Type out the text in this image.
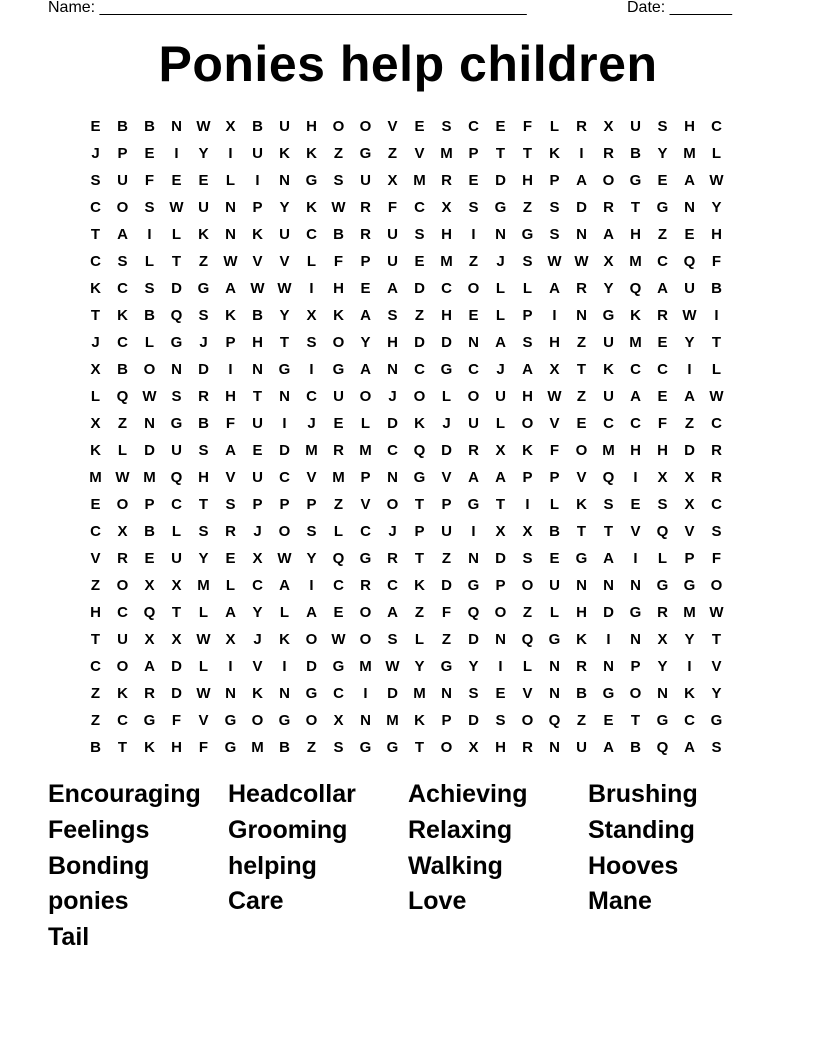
Name: ________________________________________________	Date: _______
Ponies help children
E	B	B	N W X	B	U	H	O	O	V	E	S	C	E	F	L	R	X	U	S	H	C
J	P	E	I	Y	I	U	K	K	Z	G	Z	V	M	P	T	T	K	I	R	B	Y	M	L
S	U	F	E	E	L	I	N	G	S	U	X	M	R	E	D	H	P	A	O	G	E	A W
C	O	S W U	N	P	Y	K W R	F	C	X	S	G	Z	S	D	R	T	G	N	Y
T	A	I	L	K	N	K	U	C	B	R	U	S	H	I	N	G	S	N	A	H	Z	E	H
C	S	L	T	Z	W V	V	L	F	P	U	E	M	Z	J	S W W X	M	C	Q	F
K	C	S	D	G	A W W	I	H	E	A	D	C	O	L	L	A	R	Y	Q	A	U	B
T	K	B	Q	S	K	B	Y	X	K	A	S	Z	H	E	L	P	I	N	G	K	R W	I
J	C	L	G	J	P	H	T	S	O	Y	H	D	D	N	A	S	H	Z	U	M	E	Y	T
X	B	O	N	D	I	N	G	I	G	A	N	C	G	C	J	A	X	T	K	C	C	I	L
L	Q W S	R	H	T	N	C	U	O	J	O	L	O	U	H W	Z	U	A	E	A W
X	Z	N	G	B	F	U	I	J	E	L	D	K	J	U	L	O	V	E	C	C	F	Z	C
K	L	D	U	S	A	E	D	M	R	M	C	Q	D	R	X	K	F	O M	H	H	D	R
M W M Q	H	V	U	C	V	M	P	N	G	V	A	A	P	P	V	Q	I	X	X	R
E	O	P	C	T	S	P	P	P	Z	V	O	T	P	G	T	I	L	K	S	E	S	X	C
C	X	B	L	S	R	J	O	S	L	C	J	P	U	I	X	X	B	T	T	V	Q	V	S
V	R	E	U	Y	E	X W Y	Q	G	R	T	Z	N	D	S	E	G	A	I	L	P	F
Z	O	X	X	M	L	C	A	I	C	R	C	K	D	G	P	O	U	N	N	N	G	G	O
H	C	Q	T	L	A	Y	L	A	E	O	A	Z	F	Q	O	Z	L	H	D	G	R	M W
T	U	X	X W X	J	K	O W O	S	L	Z	D	N	Q	G	K	I	N	X	Y	T
C	O	A	D	L	I	V	I	D	G M W Y	G	Y	I	L	N	R	N	P	Y	I	V
Z	K	R	D W N	K	N	G	C	I	D	M	N	S	E	V	N	B	G	O	N	K	Y
Z	C	G	F	V	G	O	G	O	X	N	M	K	P	D	S	O	Q	Z	E	T	G	C	G
B	T	K	H	F	G M	B	Z	S	G	G	T	O	X	H	R	N	U	A	B	Q	A	S
Encouraging	Headcollar	Achieving	Brushing
Feelings	Grooming	Relaxing	Standing
Bonding	helping	Walking	Hooves
ponies	Care	Love	Mane
Tail
